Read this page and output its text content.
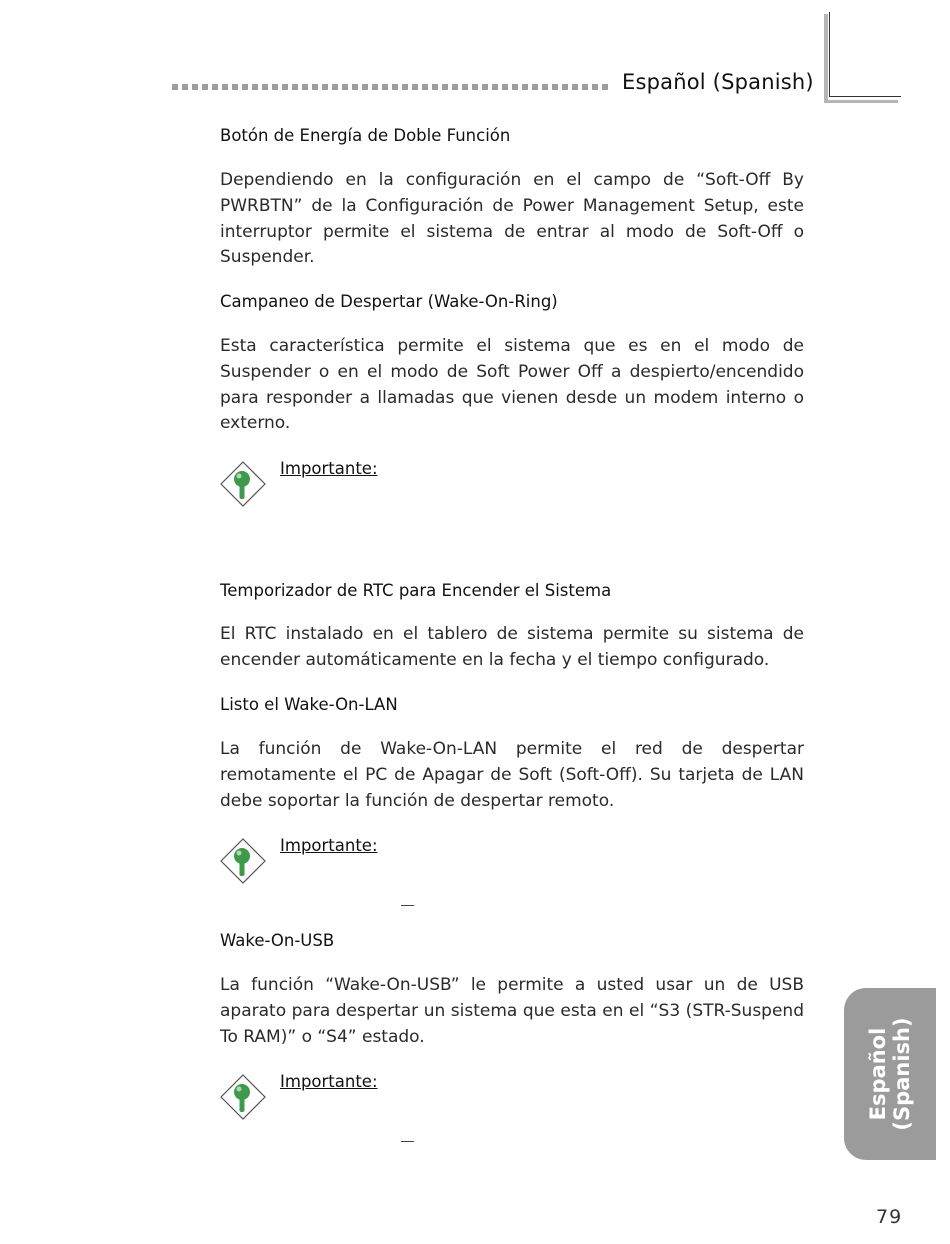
Español (Spanish)
Botón de Energía de Doble Función
Dependiendo en la configuración en el campo de “Soft-Off By PWRBTN” de la Configuración de Power Management Setup, este interruptor permite el sistema de entrar al modo de Soft-Off o Suspender.
Campaneo de Despertar (Wake-On-Ring)
Esta característica permite el sistema que es en el modo de Suspender o en el modo de Soft Power Off a despierto/encendido para responder a llamadas que vienen desde un modem interno o externo.
Importante:
Temporizador de RTC para Encender el Sistema
El RTC instalado en el tablero de sistema permite su sistema de encender automáticamente en la fecha y el tiempo configurado.
Listo el Wake-On-LAN
La función de Wake-On-LAN permite el red de despertar remotamente el PC de Apagar de Soft (Soft-Off). Su tarjeta de LAN debe soportar la función de despertar remoto.
Importante:
Wake-On-USB
La función “Wake-On-USB” le permite a usted usar un de USB aparato para despertar un sistema que esta en el “S3 (STR-Suspend To RAM)” o “S4” estado.
Importante:	Español (Spanish)
79
